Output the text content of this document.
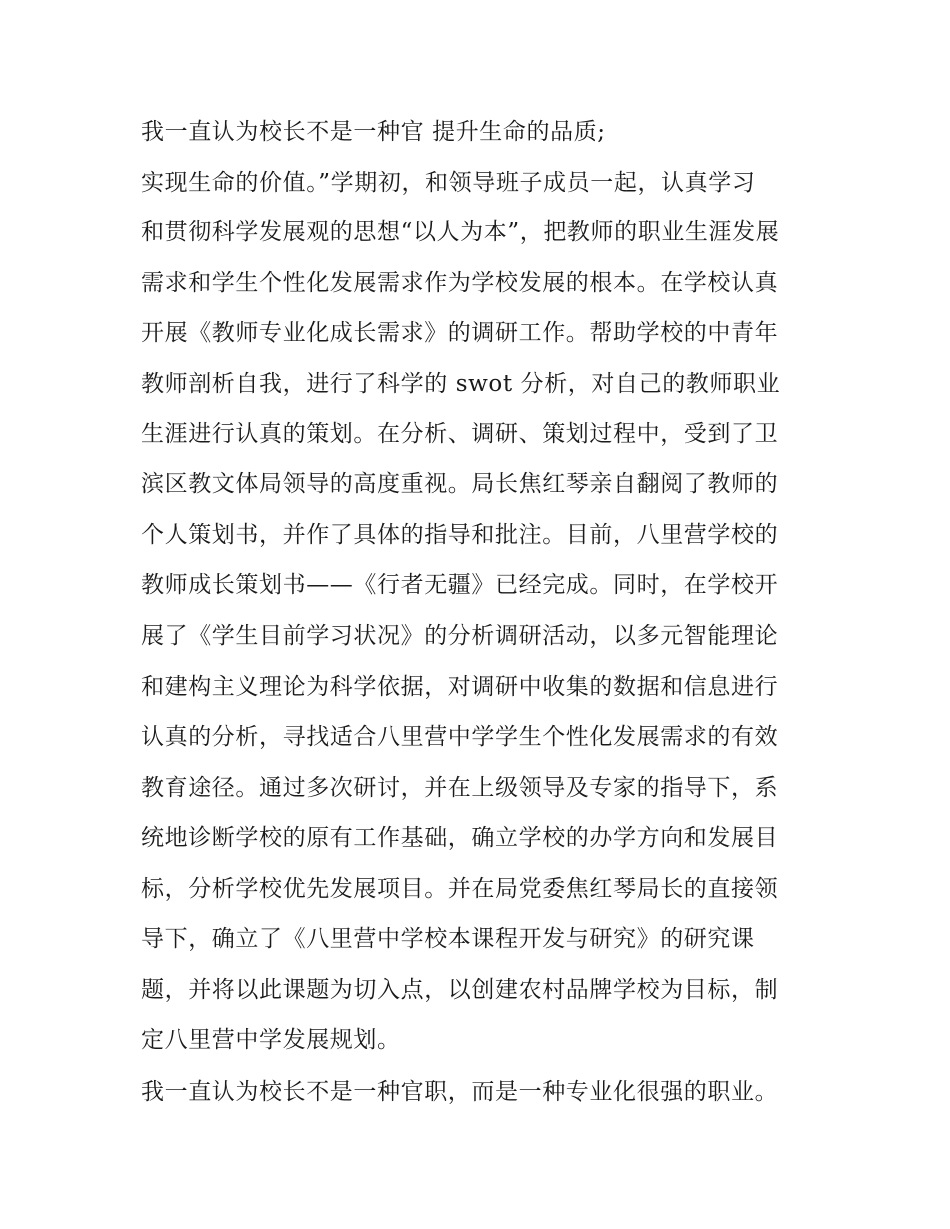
我一直认为校长不是一种官 提升生命的品质;
实现生命的价值。”学期初，和领导班子成员一起，认真学习
和贯彻科学发展观的思想“以人为本”，把教师的职业生涯发展
需求和学生个性化发展需求作为学校发展的根本。在学校认真
开展《教师专业化成长需求》的调研工作。帮助学校的中青年
教师剖析自我，进行了科学的 swot 分析，对自己的教师职业
生涯进行认真的策划。在分析、调研、策划过程中，受到了卫
滨区教文体局领导的高度重视。局长焦红琴亲自翻阅了教师的
个人策划书，并作了具体的指导和批注。目前，八里营学校的
教师成长策划书——《行者无疆》已经完成。同时，在学校开
展了《学生目前学习状况》的分析调研活动，以多元智能理论
和建构主义理论为科学依据，对调研中收集的数据和信息进行
认真的分析，寻找适合八里营中学学生个性化发展需求的有效
教育途径。通过多次研讨，并在上级领导及专家的指导下，系
统地诊断学校的原有工作基础，确立学校的办学方向和发展目
标，分析学校优先发展项目。并在局党委焦红琴局长的直接领
导下，确立了《八里营中学校本课程开发与研究》的研究课
题，并将以此课题为切入点，以创建农村品牌学校为目标，制
定八里营中学发展规划。
我一直认为校长不是一种官职，而是一种专业化很强的职业。
